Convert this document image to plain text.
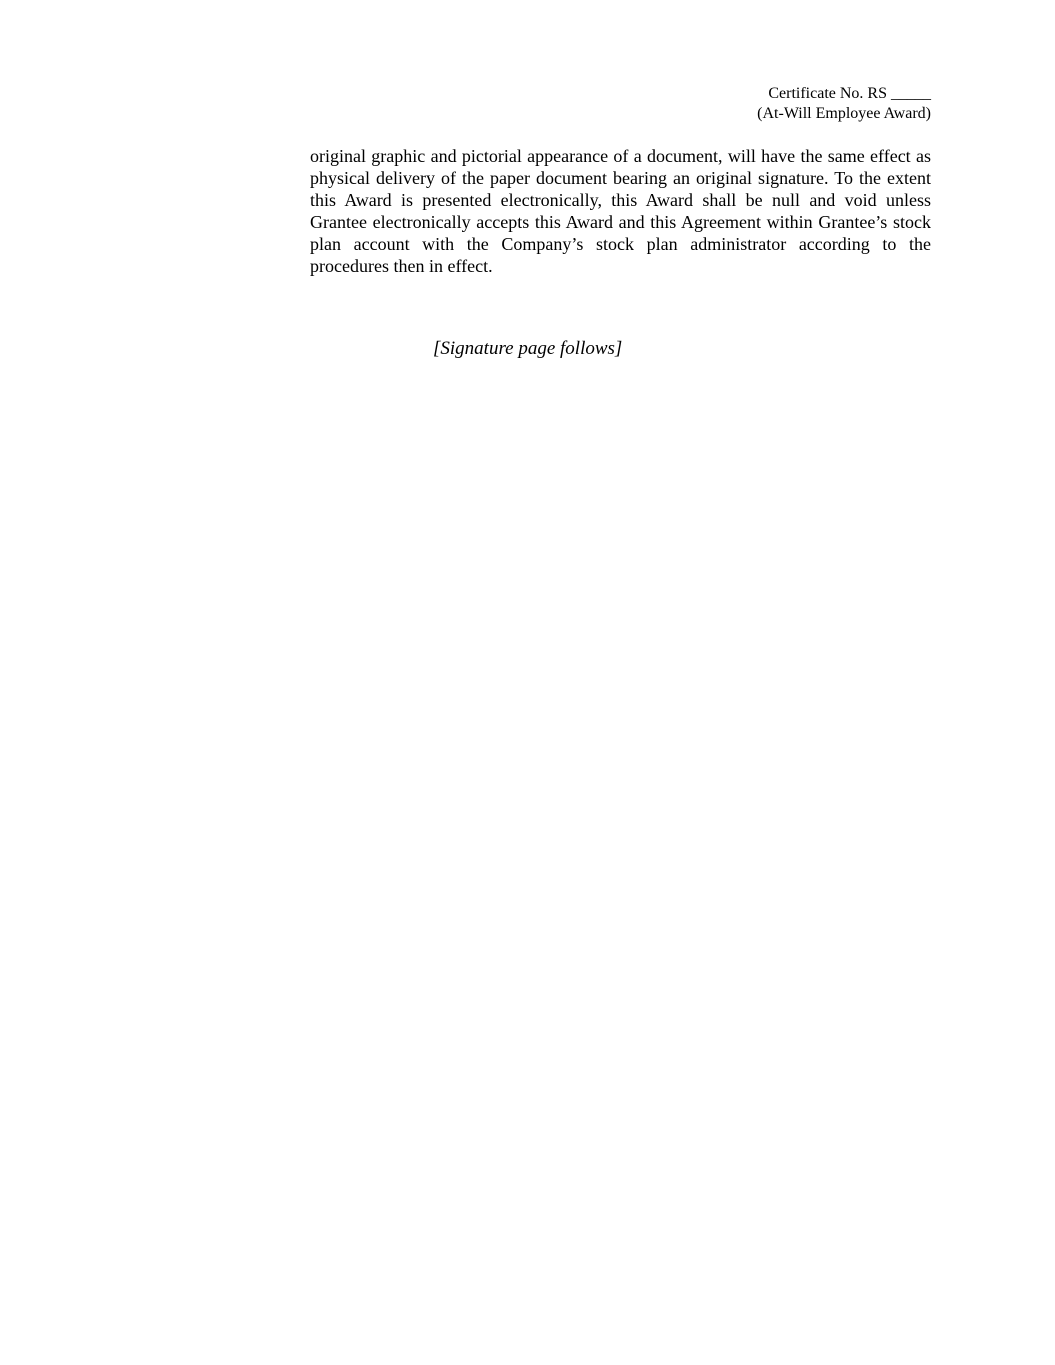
Certificate No. RS _____
(At-Will Employee Award)
original graphic and pictorial appearance of a document, will have the same effect as physical delivery of the paper document bearing an original signature. To the extent this Award is presented electronically, this Award shall be null and void unless Grantee electronically accepts this Award and this Agreement within Grantee’s stock plan account with the Company’s stock plan administrator according to the procedures then in effect.
[Signature page follows]
